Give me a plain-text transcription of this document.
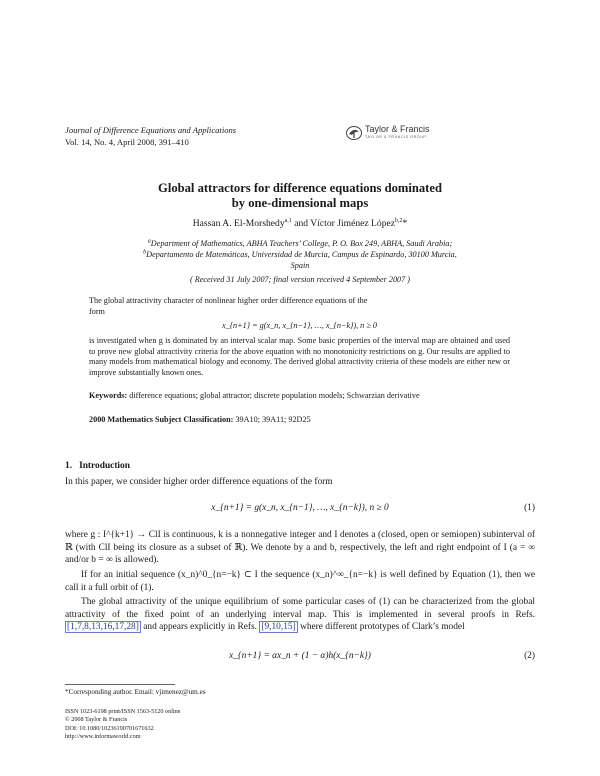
Journal of Difference Equations and Applications
Vol. 14, No. 4, April 2008, 391–410
Taylor & Francis
TAYLOR & FRANCIS GROUP
Global attractors for difference equations dominated
by one-dimensional maps
Hassan A. El-Morshedy$^{a,1}$ and Víctor Jiménez López$^{b,2}$*
$^a$Department of Mathematics, ABHA Teachers’ College, P. O. Box 249, ABHA, Saudi Arabia;
$^b$Departamento de Matemáticas, Universidad de Murcia, Campus de Espinardo, 30100 Murcia,
Spain
( Received 31 July 2007; final version received 4 September 2007 )
The global attractivity character of nonlinear higher order difference equations of the
form
x_{n+1} = g(x_n, x_{n−1}, …, x_{n−k}), n ≥ 0
is investigated when g is dominated by an interval scalar map. Some basic properties of the interval map are obtained and used to prove new global attractivity criteria for the above equation with no monotonicity restrictions on g. Our results are applied to many models from mathematical biology and economy. The derived global attractivity criteria of these models are either new or improve substantially known ones.
Keywords: difference equations; global attractor; discrete population models; Schwarzian derivative
2000 Mathematics Subject Classification: 39A10; 39A11; 92D25
1. Introduction
In this paper, we consider higher order difference equations of the form
x_{n+1} = g(x_n, x_{n−1}, …, x_{n−k}), n ≥ 0	(1)
where g : I^{k+1} → ClI is continuous, k is a nonnegative integer and I denotes a (closed, open or semiopen) subinterval of ℝ (with ClI being its closure as a subset of ℝ). We denote by a and b, respectively, the left and right endpoint of I (a = ∞ and/or b = ∞ is allowed).
If for an initial sequence (x_n)^0_{n=−k} ⊂ I the sequence (x_n)^∞_{n=−k} is well defined by Equation (1), then we call it a full orbit of (1).
The global attractivity of the unique equilibrium of some particular cases of (1) can be characterized from the global attractivity of the fixed point of an underlying interval map. This is implemented in several proofs in Refs. [1,7,8,13,16,17,28] and appears explicitly in Refs. [9,10,15] where different prototypes of Clark’s model
x_{n+1} = αx_n + (1 − α)h(x_{n−k})	(2)
*Corresponding author. Email: vjimenez@um.es
ISSN 1023-6198 print/ISSN 1563-5120 online
© 2008 Taylor & Francis
DOI: 10.1080/10236190701671632
http://www.informaworld.com
